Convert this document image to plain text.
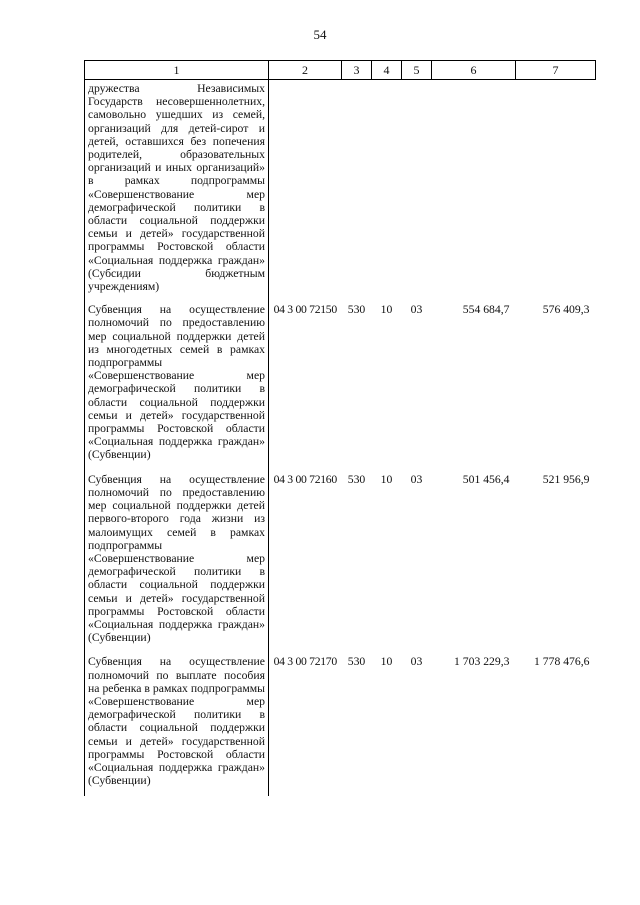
54
1	2	3	4	5	6	7
дружества Независимых Государств несовершеннолетних, самовольно ушедших из семей, организаций для детей-сирот и детей, оставшихся без попечения родителей, образовательных организаций и иных организаций» в рамках подпрограммы «Совершенствование мер демографической политики в области социальной поддержки семьи и детей» государственной программы Ростовской области «Социальная поддержка граждан» (Субсидии бюджетным учреждениям)						
Субвенция на осуществление полномочий по предоставлению мер социальной поддержки детей из многодетных семей в рамках подпрограммы «Совершенствование мер демографической политики в области социальной поддержки семьи и детей» государственной программы Ростовской области «Социальная поддержка граждан» (Субвенции)	04 3 00 72150	530	10	03	554 684,7	576 409,3
Субвенция на осуществление полномочий по предоставлению мер социальной поддержки детей первого-второго года жизни из малоимущих семей в рамках подпрограммы «Совершенствование мер демографической политики в области социальной поддержки семьи и детей» государственной программы Ростовской области «Социальная поддержка граждан» (Субвенции)	04 3 00 72160	530	10	03	501 456,4	521 956,9
Субвенция на осуществление полномочий по выплате пособия на ребенка в рамках подпрограммы «Совершенствование мер демографической политики в области социальной поддержки семьи и детей» государственной программы Ростовской области «Социальная поддержка граждан» (Субвенции)	04 3 00 72170	530	10	03	1 703 229,3	1 778 476,6
